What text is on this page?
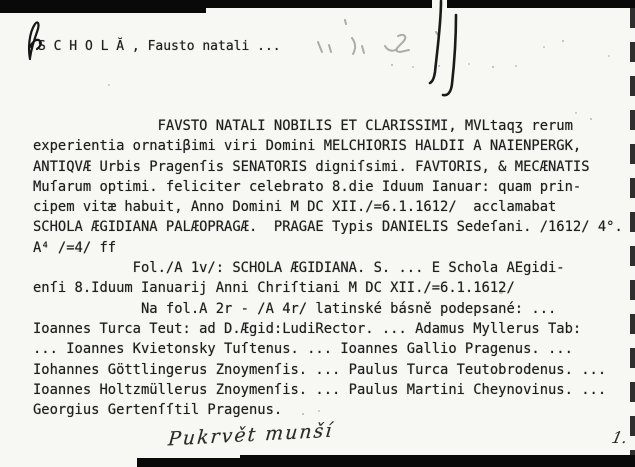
S C H O L Ă , Fausto natali ...
FAVSTO NATALI NOBILIS ET CLARISSIMI, MVLtaqʒ rerum
experientia ornatiβimi viri Domini MELCHIORIS HALDII A NAIENPERGK,
ANTIQVÆ Urbis Pragenſis SENATORIS digniſsimi. FAVTORIS, & MECÆNATIS
Muſarum optimi. feliciter celebrato 8.die Iduum Ianuar: quam prin-
cipem vitæ habuit, Anno Domini M DC XII./=6.1.1612/  acclamabat
SCHOLA ÆGIDIANA PALÆOPRAGÆ.  PRAGAE Typis DANIELIS Sedeſani. /1612/ 4°.
A⁴ /=4/ ff
Fol./A 1v/: SCHOLA ÆGIDIANA. S. ... E Schola AEgidi-
enſi 8.Iduum Ianuarij Anni Chriſtiani M DC XII./=6.1.1612/
Na fol.A 2r - /A 4r/ latinské básně podepsané: ...
Ioannes Turca Teut: ad D.Ægid:LudiRector. ... Adamus Myllerus Tab:
... Ioannes Kvietonsky Tuſtenus. ... Ioannes Gallio Pragenus. ...
Iohannes Göttlingerus Znoymenſis. ... Paulus Turca Teutobrodenus. ...
Ioannes Holtzmüllerus Znoymenſis. ... Paulus Martini Cheynovinus. ...
Georgius Gertenſſtil Pragenus.
Pukrvět munší	1.
